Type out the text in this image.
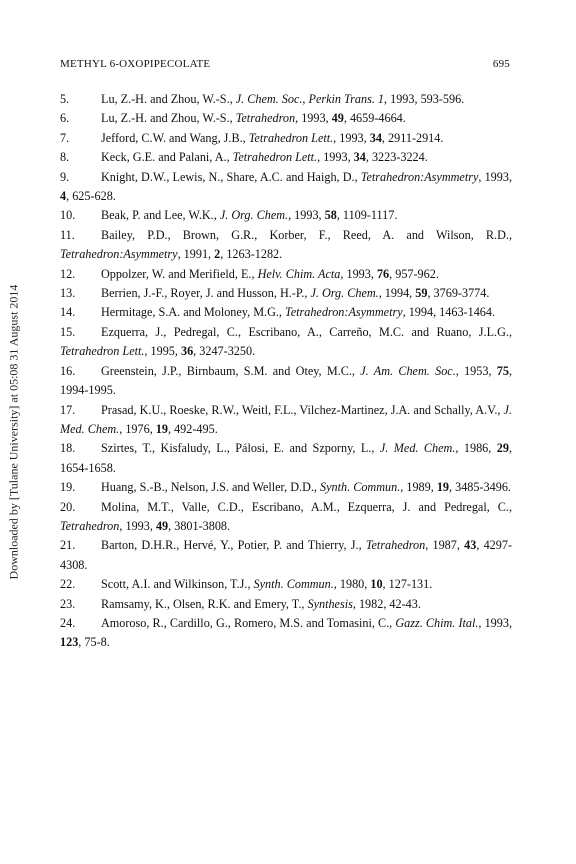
METHYL 6-OXOPIPECOLATE	695
Downloaded by [Tulane University] at 05:08 31 August 2014
5.	Lu, Z.-H. and Zhou, W.-S., J. Chem. Soc., Perkin Trans. 1, 1993, 593-596.
6.	Lu, Z.-H. and Zhou, W.-S., Tetrahedron, 1993, 49, 4659-4664.
7.	Jefford, C.W. and Wang, J.B., Tetrahedron Lett., 1993, 34, 2911-2914.
8.	Keck, G.E. and Palani, A., Tetrahedron Lett., 1993, 34, 3223-3224.
9.	Knight, D.W., Lewis, N., Share, A.C. and Haigh, D., Tetrahedron:Asymmetry, 1993, 4, 625-628.
10. Beak, P. and Lee, W.K., J. Org. Chem., 1993, 58, 1109-1117.
11. Bailey, P.D., Brown, G.R., Korber, F., Reed, A. and Wilson, R.D., Tetrahedron:Asymmetry, 1991, 2, 1263-1282.
12. Oppolzer, W. and Merifield, E., Helv. Chim. Acta, 1993, 76, 957-962.
13. Berrien, J.-F., Royer, J. and Husson, H.-P., J. Org. Chem., 1994, 59, 3769-3774.
14. Hermitage, S.A. and Moloney, M.G., Tetrahedron:Asymmetry, 1994, 1463-1464.
15. Ezquerra, J., Pedregal, C., Escribano, A., Carreño, M.C. and Ruano, J.L.G., Tetrahedron Lett., 1995, 36, 3247-3250.
16. Greenstein, J.P., Birnbaum, S.M. and Otey, M.C., J. Am. Chem. Soc., 1953, 75, 1994-1995.
17. Prasad, K.U., Roeske, R.W., Weitl, F.L., Vilchez-Martinez, J.A. and Schally, A.V., J. Med. Chem., 1976, 19, 492-495.
18. Szirtes, T., Kisfaludy, L., Pálosi, E. and Szporny, L., J. Med. Chem., 1986, 29, 1654-1658.
19. Huang, S.-B., Nelson, J.S. and Weller, D.D., Synth. Commun., 1989, 19, 3485-3496.
20. Molina, M.T., Valle, C.D., Escribano, A.M., Ezquerra, J. and Pedregal, C., Tetrahedron, 1993, 49, 3801-3808.
21. Barton, D.H.R., Hervé, Y., Potier, P. and Thierry, J., Tetrahedron, 1987, 43, 4297-4308.
22. Scott, A.I. and Wilkinson, T.J., Synth. Commun., 1980, 10, 127-131.
23. Ramsamy, K., Olsen, R.K. and Emery, T., Synthesis, 1982, 42-43.
24. Amoroso, R., Cardillo, G., Romero, M.S. and Tomasini, C., Gazz. Chim. Ital., 1993, 123, 75-8.
